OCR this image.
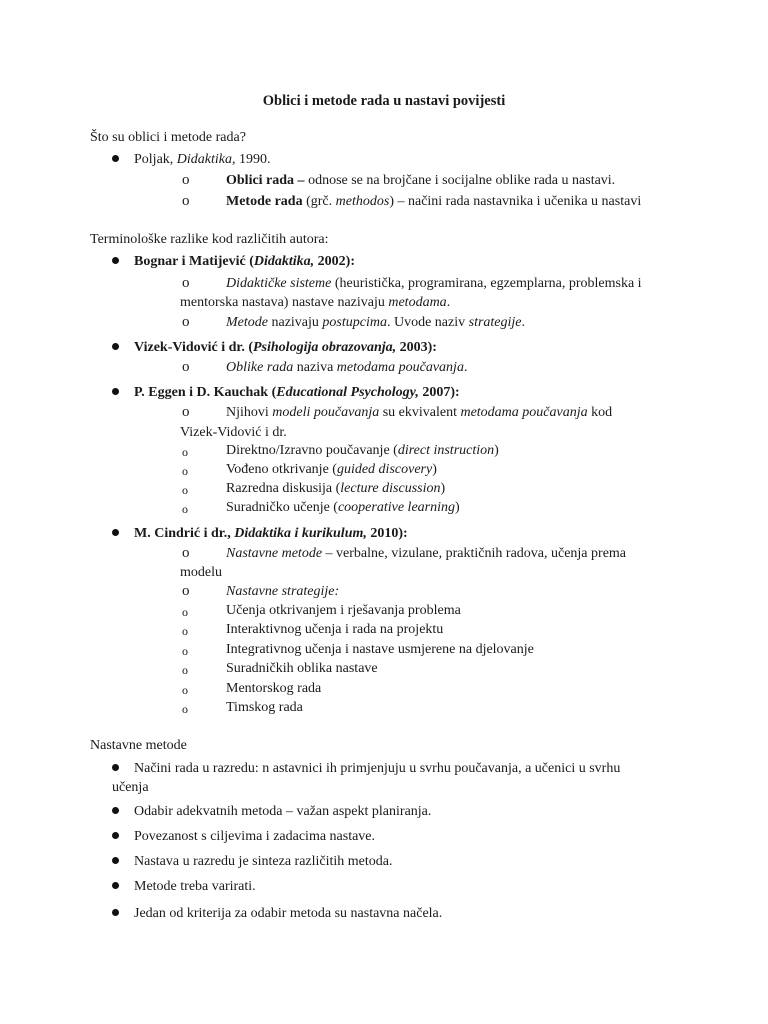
Oblici i metode rada u nastavi povijesti
Što su oblici i metode rada?
Poljak, Didaktika, 1990.
o	Oblici rada – odnose se na brojčane i socijalne oblike rada u nastavi.
o	Metode rada (grč. methodos) – načini rada nastavnika i učenika u nastavi
Terminološke razlike kod različitih autora:
Bognar i Matijević (Didaktika, 2002):
o	Didaktičke sisteme (heuristička, programirana, egzemplarna, problemska i
mentorska nastava) nastave nazivaju metodama.
o	Metode nazivaju postupcima. Uvode naziv strategije.
Vizek-Vidović i dr. (Psihologija obrazovanja, 2003):
o	Oblike rada naziva metodama poučavanja.
P. Eggen i D. Kauchak (Educational Psychology, 2007):
o	Njihovi modeli poučavanja su ekvivalent metodama poučavanja kod
Vizek-Vidović i dr.
o	Direktno/Izravno poučavanje (direct instruction)
o	Vođeno otkrivanje (guided discovery)
o	Razredna diskusija (lecture discussion)
o	Suradničko učenje (cooperative learning)
M. Cindrić i dr., Didaktika i kurikulum, 2010):
o	Nastavne metode – verbalne, vizulane, praktičnih radova, učenja prema
modelu
o	Nastavne strategije:
o	Učenja otkrivanjem i rješavanja problema
o	Interaktivnog učenja i rada na projektu
o	Integrativnog učenja i nastave usmjerene na djelovanje
o	Suradničkih oblika nastave
o	Mentorskog rada
o	Timskog rada
Nastavne metode
Načini rada u razredu: n astavnici ih primjenjuju u svrhu poučavanja, a učenici u svrhu
učenja
Odabir adekvatnih metoda – važan aspekt planiranja.
Povezanost s ciljevima i zadacima nastave.
Nastava u razredu je sinteza različitih metoda.
Metode treba varirati.
Jedan od kriterija za odabir metoda su nastavna načela.
